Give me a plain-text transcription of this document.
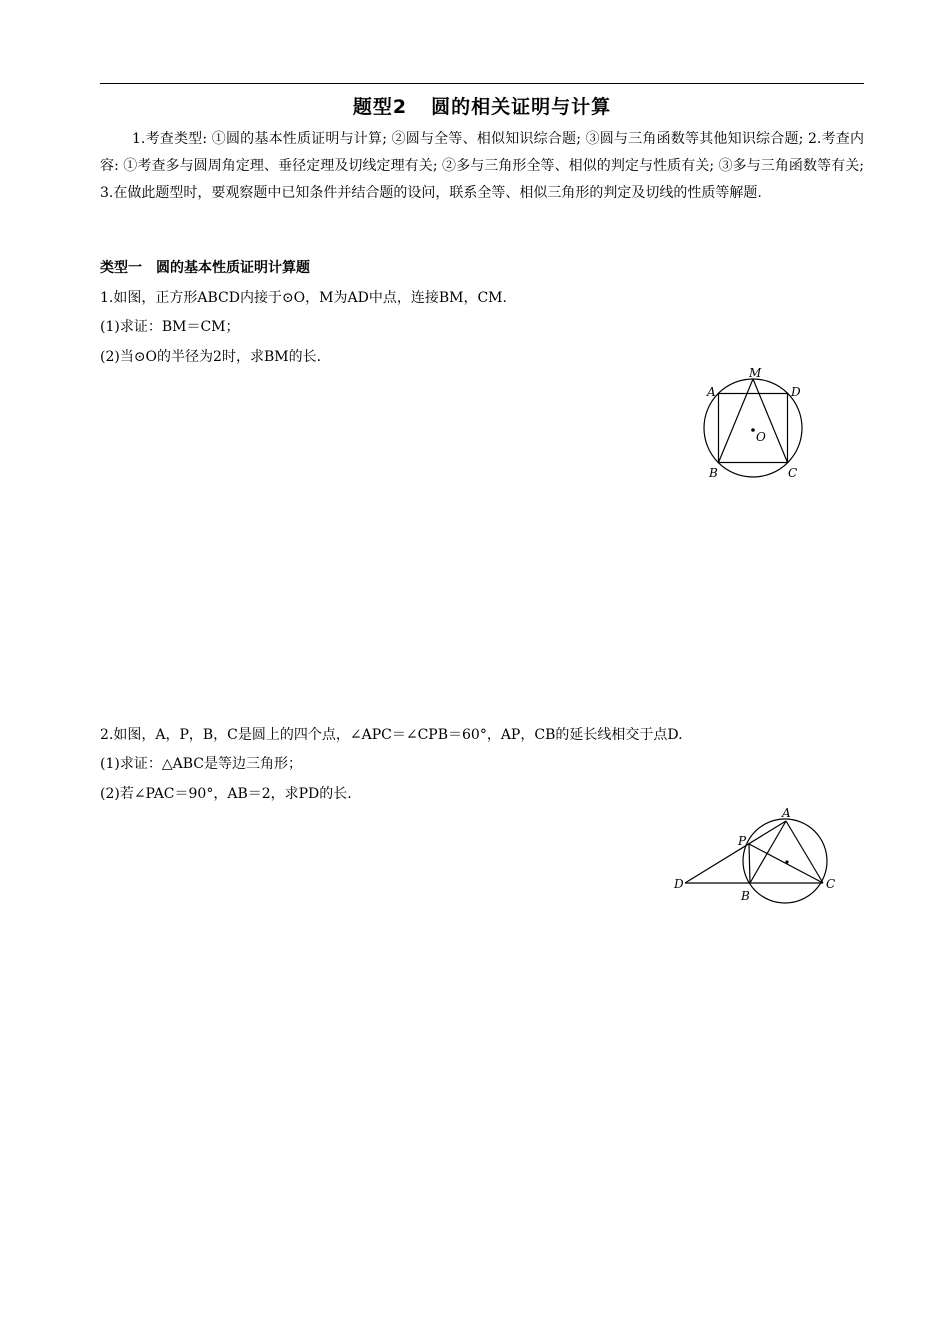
题型2 圆的相关证明与计算
1.考查类型: ①圆的基本性质证明与计算; ②圆与全等、相似知识综合题; ③圆与三角函数等其他知识综合题; 2.考查内容: ①考查多与圆周角定理、垂径定理及切线定理有关; ②多与三角形全等、相似的判定与性质有关; ③多与三角函数等有关; 3.在做此题型时，要观察题中已知条件并结合题的设问，联系全等、相似三角形的判定及切线的性质等解题.
类型一 圆的基本性质证明计算题
1.如图，正方形ABCD内接于⊙O，M为AD中点，连接BM，CM.
(1)求证：BM＝CM；
(2)当⊙O的半径为2时，求BM的长.
A
M
D
O
B	C
2.如图，A，P，B，C是圆上的四个点，∠APC＝∠CPB＝60°，AP，CB的延长线相交于点D.
(1)求证：△ABC是等边三角形；
(2)若∠PAC＝90°，AB＝2，求PD的长.
A
P
D
B
C
